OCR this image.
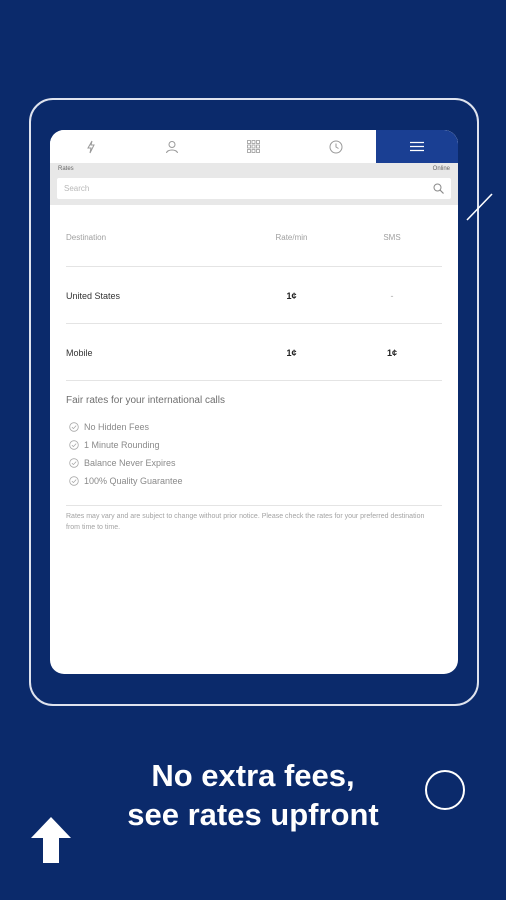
Rates	Online
Search
Destination	Rate/min	SMS
United States	1¢	-
Mobile	1¢	1¢
Fair rates for your international calls
No Hidden Fees
1 Minute Rounding
Balance Never Expires
100% Quality Guarantee
Rates may vary and are subject to change without prior notice. Please check the rates for your preferred destination from time to time.
No extra fees,
see rates upfront
